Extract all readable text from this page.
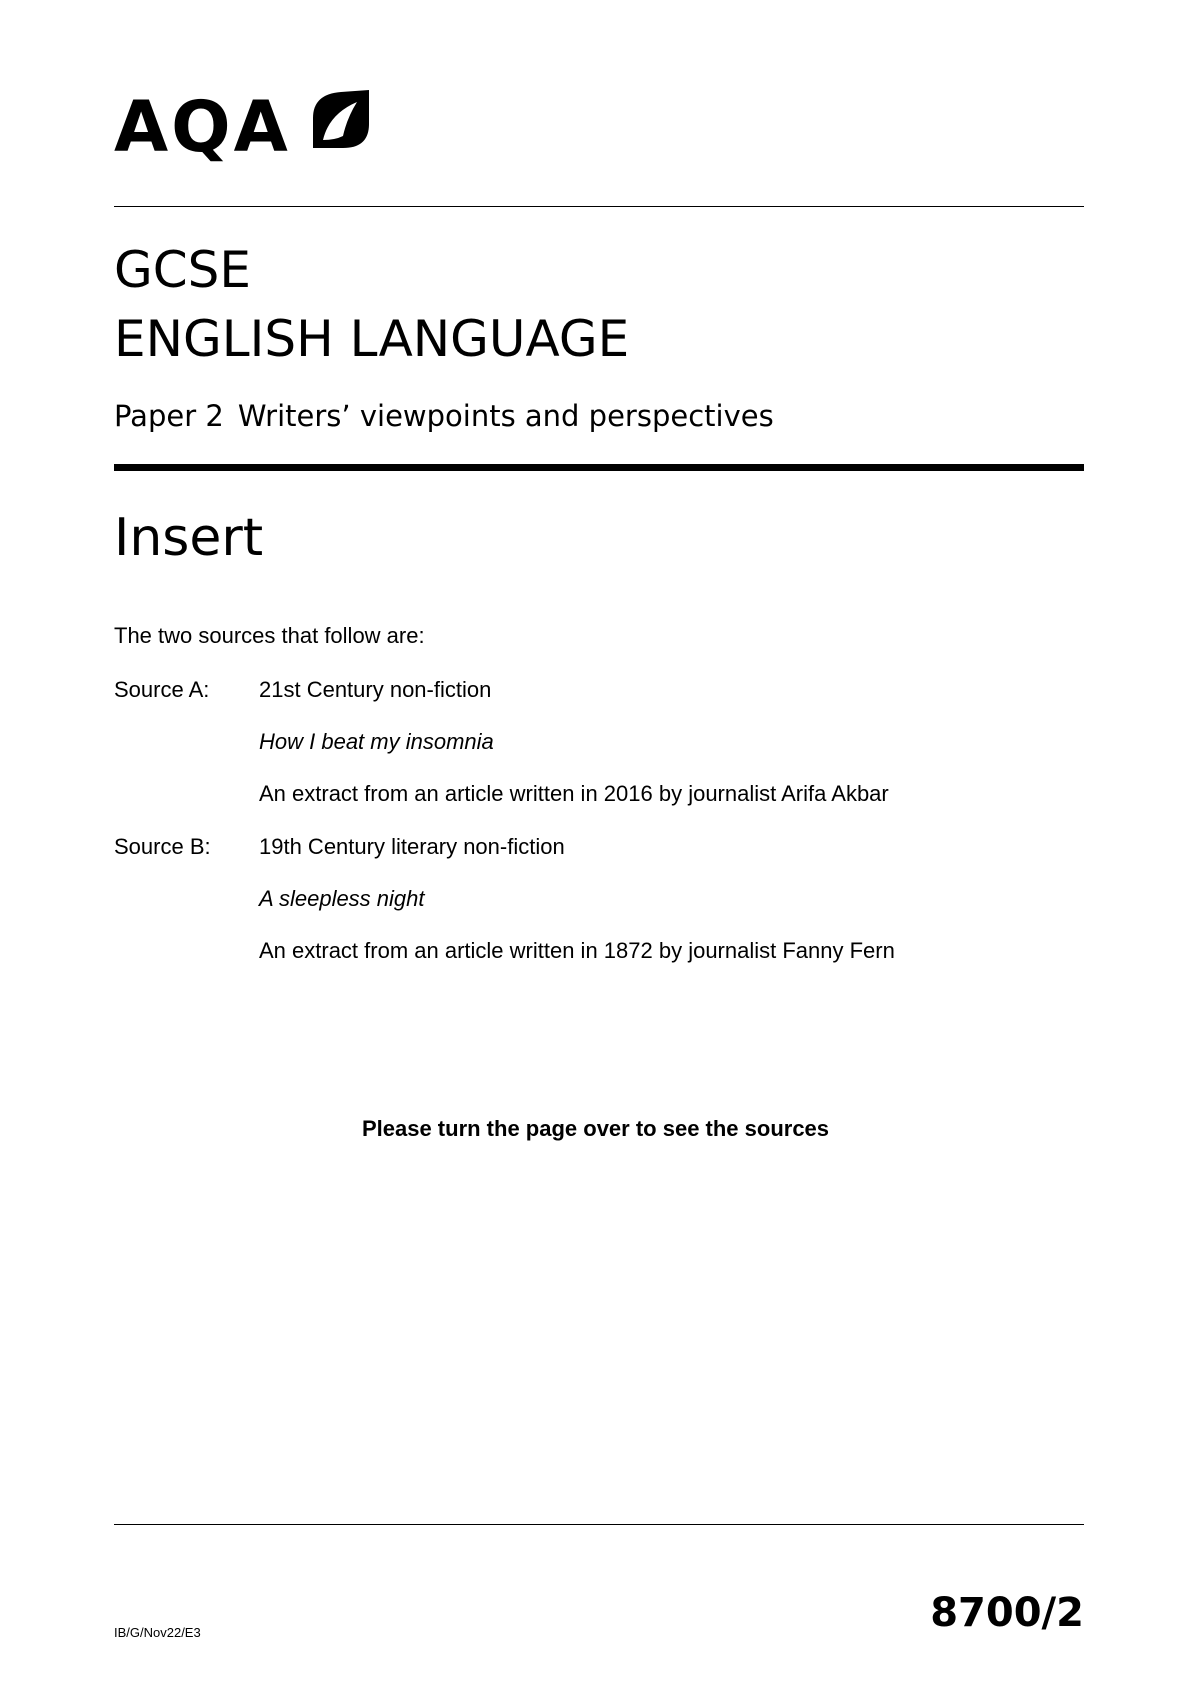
AQA
GCSE
ENGLISH LANGUAGE
Paper 2 Writers’ viewpoints and perspectives
Insert
The two sources that follow are:
Source A: 21st Century non-fiction
How I beat my insomnia
An extract from an article written in 2016 by journalist Arifa Akbar
Source B: 19th Century literary non-fiction
A sleepless night
An extract from an article written in 1872 by journalist Fanny Fern
Please turn the page over to see the sources
IB/G/Nov22/E3	8700/2
